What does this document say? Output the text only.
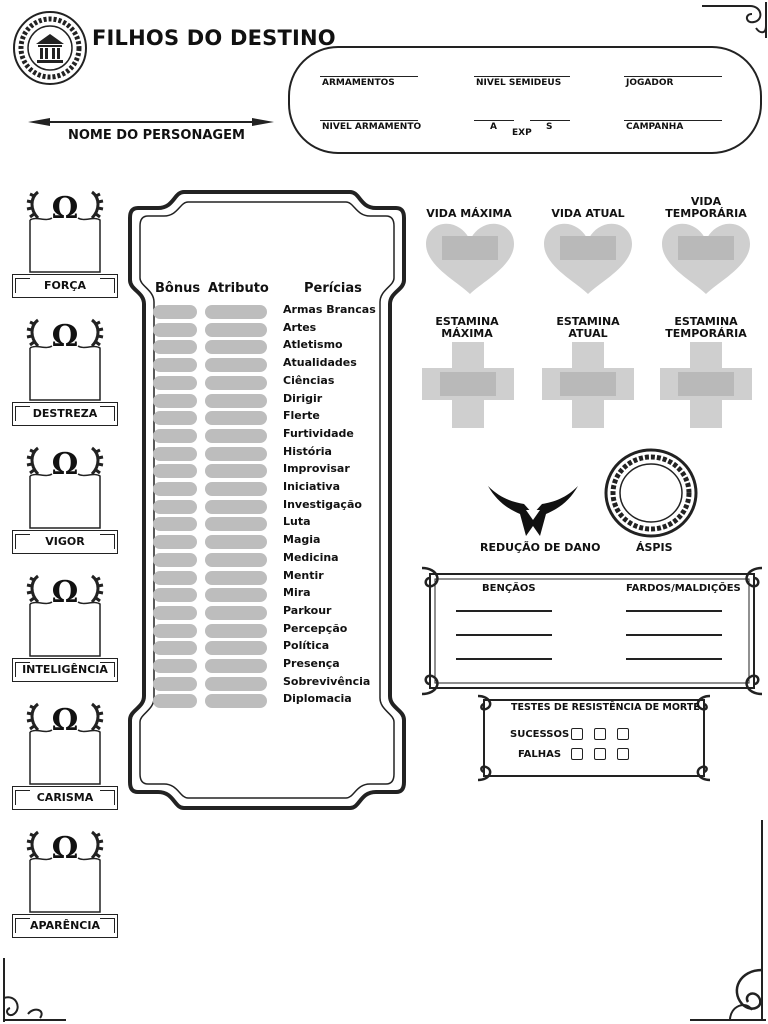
FILHOS DO DESTINO
NOME DO PERSONAGEM
ARMAMENTOS	NIVEL SEMIDEUS	JOGADOR
NIVEL ARMAMENTO	A	S
EXP
CAMPANHA
Ω
FORÇA
Ω
DESTREZA
Ω
VIGOR
Ω
INTELIGÊNCIA
Ω
CARISMA
Ω
APARÊNCIA
Bônus Atributo	Perícias
Armas Brancas
Artes
Atletismo
Atualidades
Ciências
Dirigir
Flerte
Furtividade
História
Improvisar
Iniciativa
Investigação
Luta
Magia
Medicina
Mentir
Mira
Parkour
Percepção
Política
Presença
Sobrevivência
Diplomacia
VIDA MÁXIMA	VIDA ATUAL
VIDA
TEMPORÁRIA
ESTAMINA
MÁXIMA
ESTAMINA
ATUAL
ESTAMINA
TEMPORÁRIA
REDUÇÃO DE DANO	ÁSPIS
BENÇÃOS	FARDOS/MALDIÇÕES
TESTES DE RESISTÊNCIA DE MORTE
SUCESSOS
FALHAS
